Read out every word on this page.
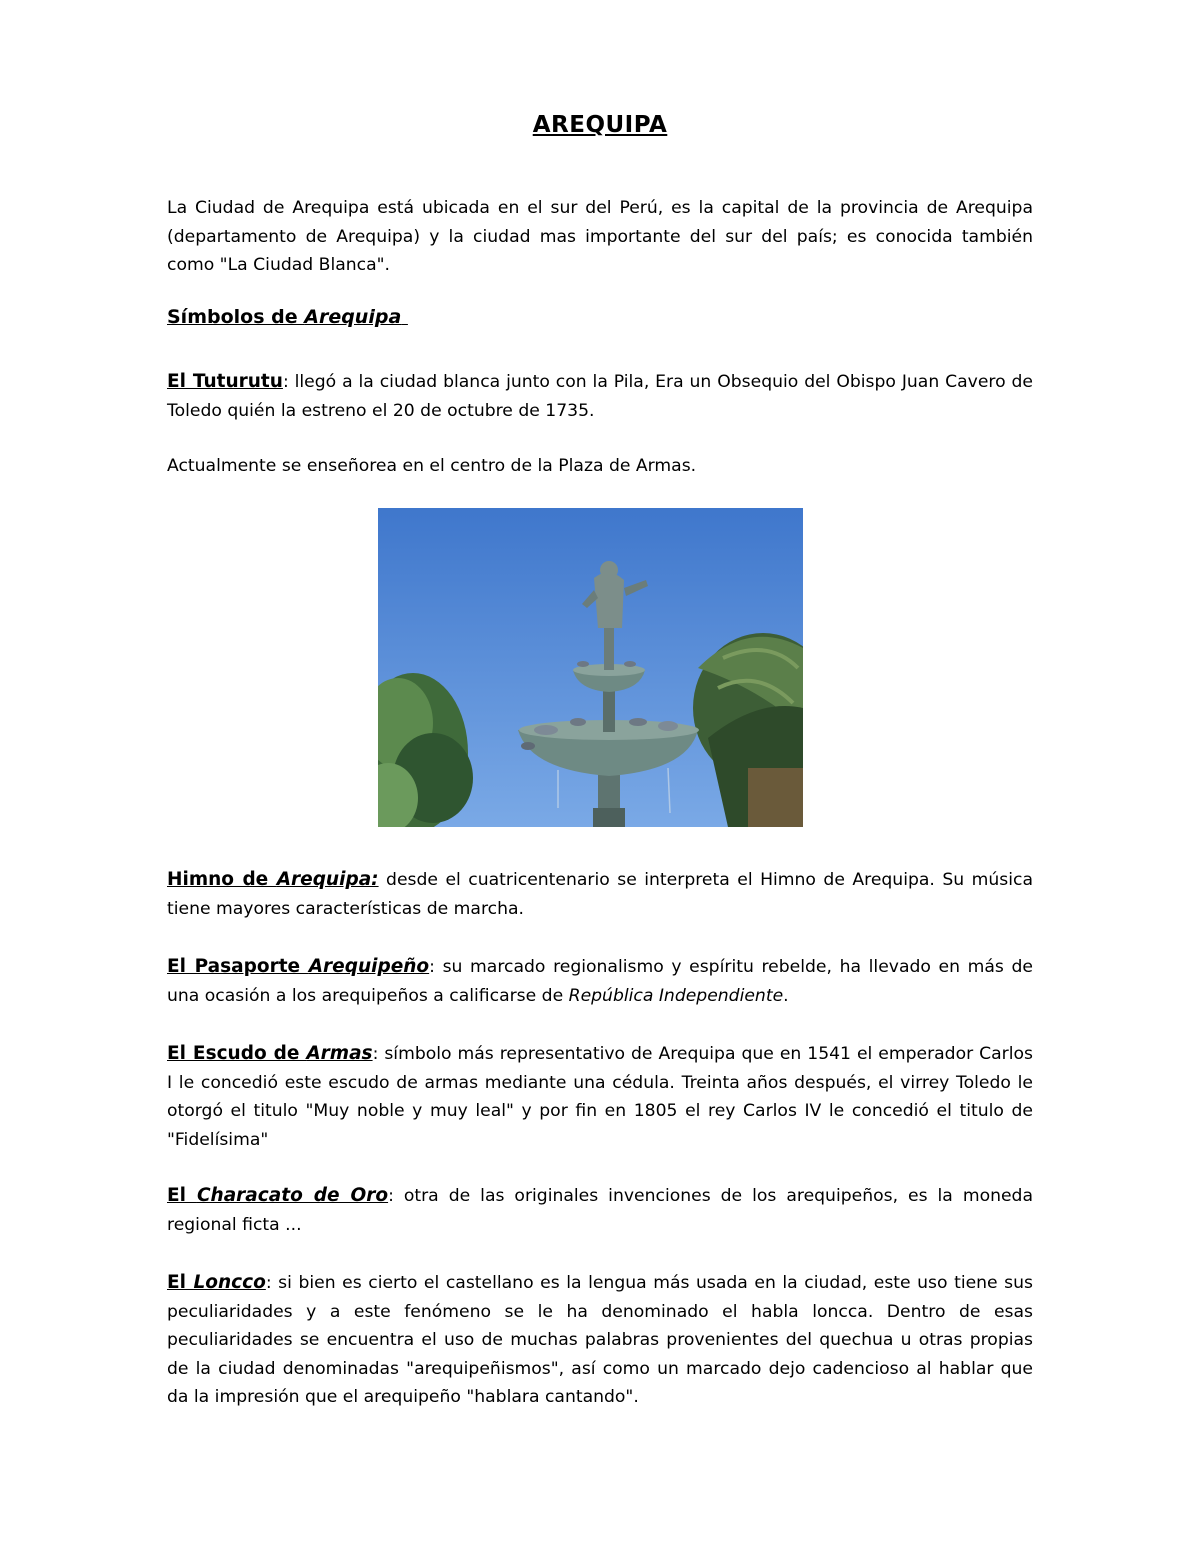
AREQUIPA

La Ciudad de Arequipa está ubicada en el sur del Perú, es la capital de la provincia de Arequipa (departamento de Arequipa) y la ciudad mas importante del sur del país; es conocida también como "La Ciudad Blanca".

Símbolos de Arequipa

El Tuturutu: llegó a la ciudad blanca junto con la Pila, Era un Obsequio del Obispo Juan Cavero de Toledo quién la estreno el 20 de octubre de 1735.

Actualmente se enseñorea en el centro de la Plaza de Armas.

Himno de Arequipa: desde el cuatricentenario se interpreta el Himno de Arequipa. Su música tiene mayores características de marcha.

El Pasaporte Arequipeño: su marcado regionalismo y espíritu rebelde, ha llevado en más de una ocasión a los arequipeños a calificarse de República Independiente.

El Escudo de Armas: símbolo más representativo de Arequipa que en 1541 el emperador Carlos I le concedió este escudo de armas mediante una cédula. Treinta años después, el virrey Toledo le otorgó el titulo "Muy noble y muy leal" y por fin en 1805 el rey Carlos IV le concedió el titulo de "Fidelísima"

El Characato de Oro: otra de las originales invenciones de los arequipeños, es la moneda regional ficta ...

El Loncco: si bien es cierto el castellano es la lengua más usada en la ciudad, este uso tiene sus peculiaridades y a este fenómeno se le ha denominado el habla loncca. Dentro de esas peculiaridades se encuentra el uso de muchas palabras provenientes del quechua u otras propias de la ciudad denominadas "arequipeñismos", así como un marcado dejo cadencioso al hablar que da la impresión que el arequipeño "hablara cantando".
